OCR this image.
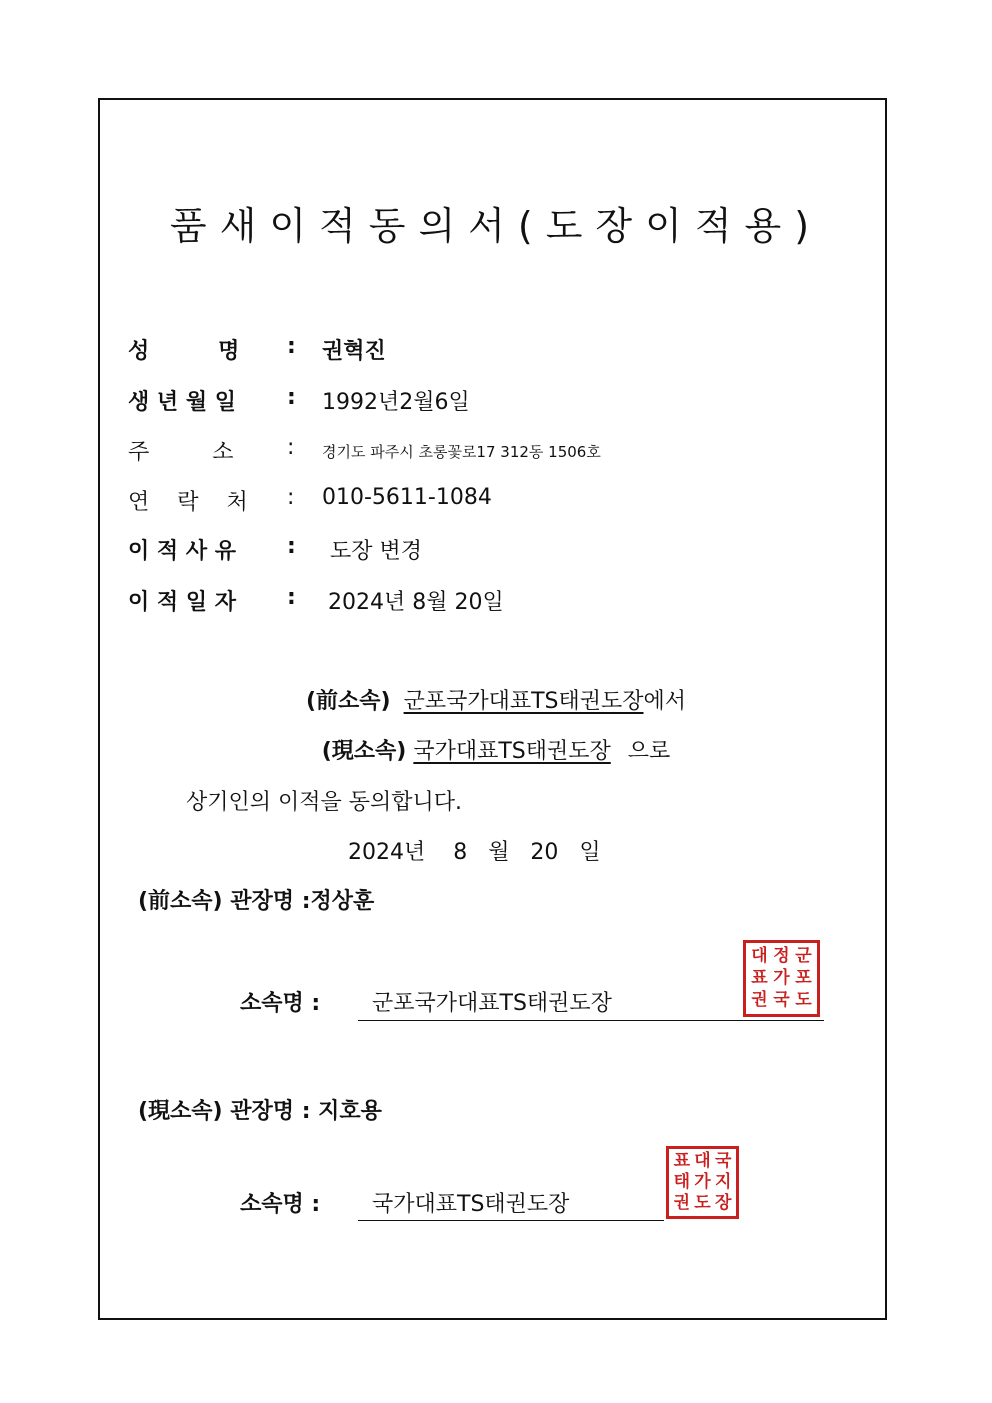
품새이적동의서(도장이적용)
성         명 : 권혁진
생 년 월 일 : 1992년2월6일
주         소 : 경기도 파주시 초롱꽃로17 312동 1506호
연    락    처 : 010-5611-1084
이 적 사 유 : 도장 변경
이 적 일 자 : 2024년 8월 20일
(前소속) 군포국가대표TS태권도장에서
(現소속) 국가대표TS태권도장 으로
상기인의 이적을 동의합니다.
2024년    8   월   20   일
(前소속) 관장명 :정상훈
소속명 : 군포국가대표TS태권도장
대 정 군
표 가 포
권 국 도
(現소속) 관장명 : 지호용
소속명 : 국가대표TS태권도장
표 대 국
태 가 지
권 도 장
